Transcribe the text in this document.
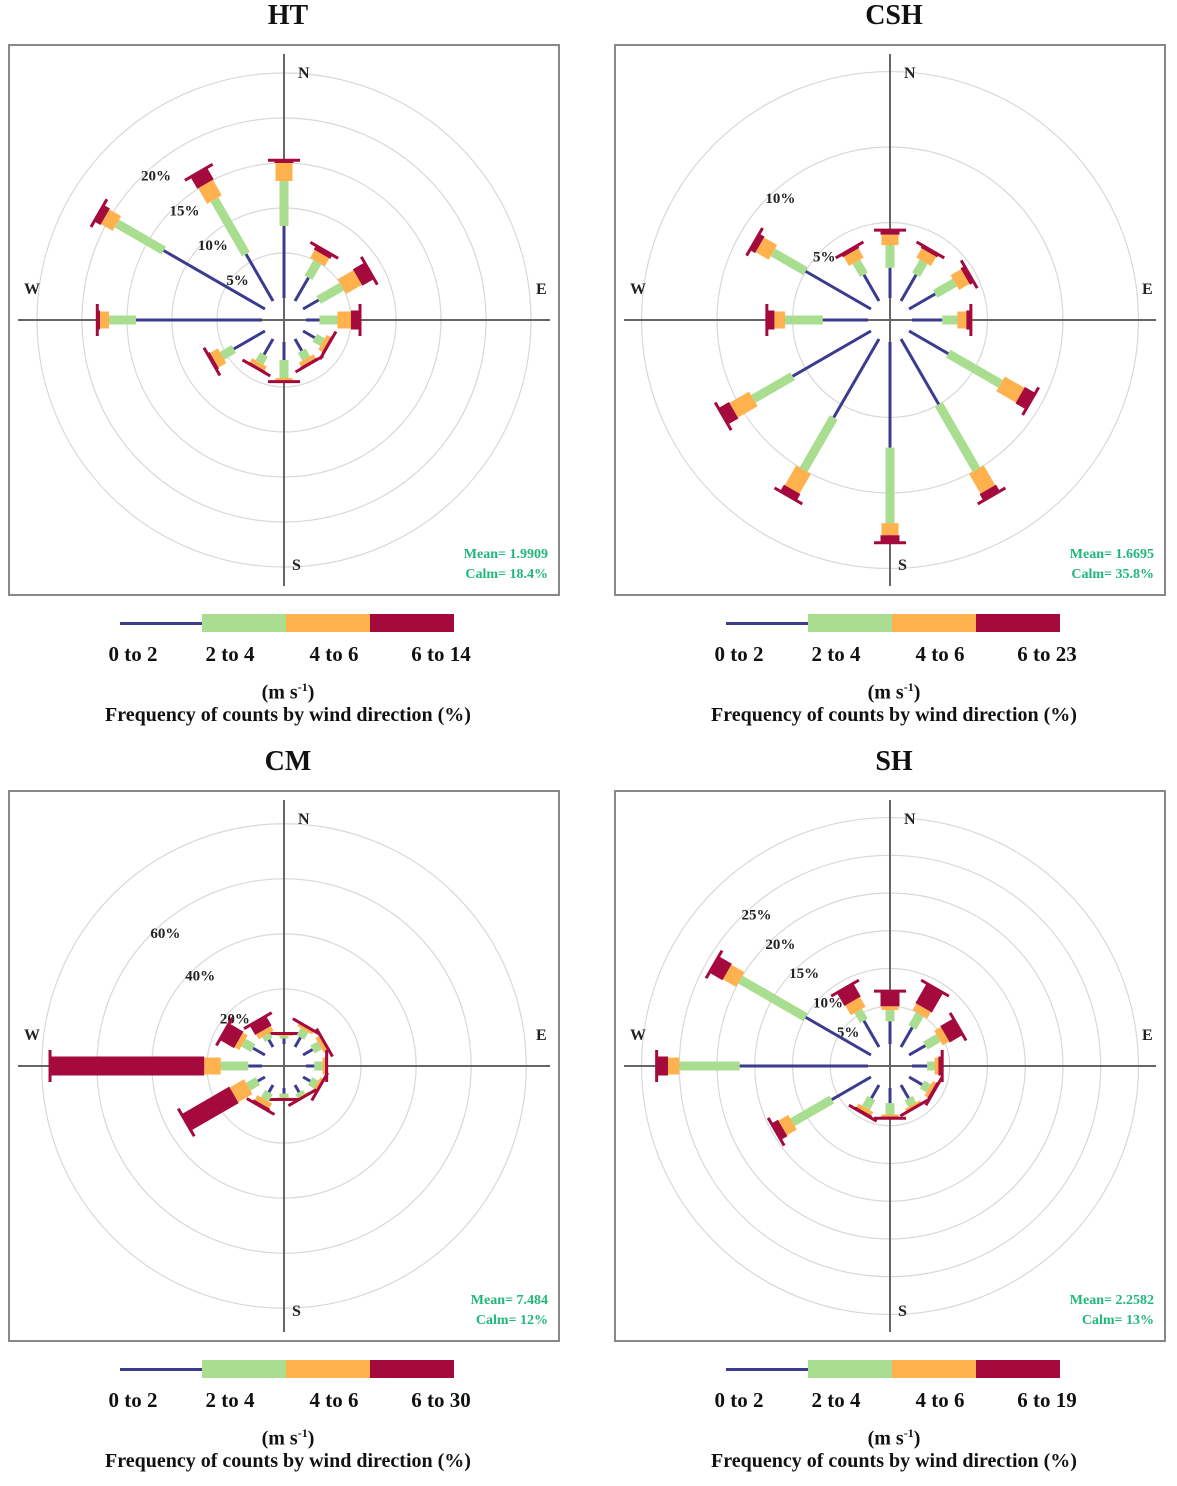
HT
5%
10%
15%
20%
N
E
S
W
Mean= 1.9909
Calm= 18.4%
0 to 2 2 to 4	4 to 6	6 to 14
(m $s^{-1}$)
Frequency of counts by wind direction (%)
CSH
5%
10%
N
E
S
W
Mean= 1.6695
Calm= 35.8%
0 to 2 2 to 4	4 to 6	6 to 23
(m $s^{-1}$)
Frequency of counts by wind direction (%)
CM
20%
40%
60%
N
E
S
W
Mean= 7.484
Calm= 12%
0 to 2 2 to 4	4 to 6	6 to 30
(m $s^{-1}$)
Frequency of counts by wind direction (%)
SH
5%
10%
15%
20%
25%
N
E
S
W
Mean= 2.2582
Calm= 13%
0 to 2 2 to 4	4 to 6	6 to 19
(m $s^{-1}$)
Frequency of counts by wind direction (%)
